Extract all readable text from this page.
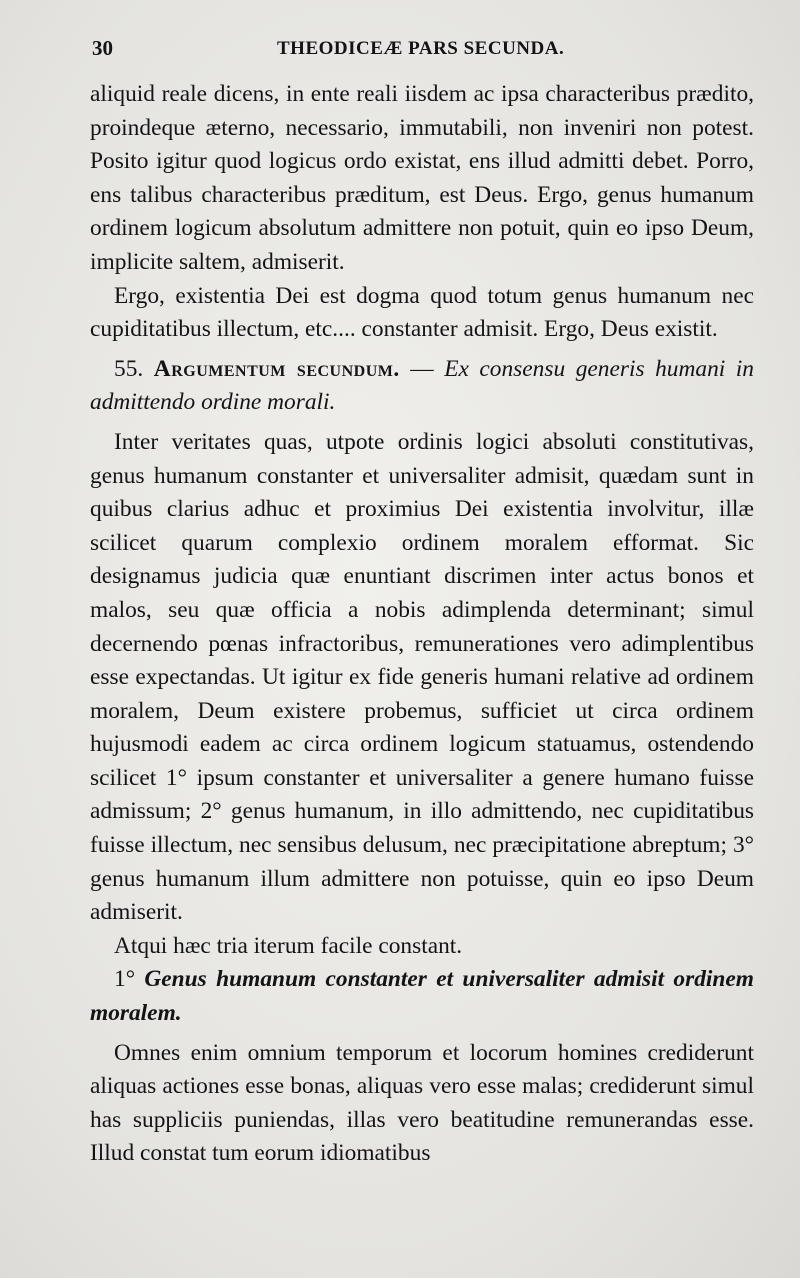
30	THEODICEÆ PARS SECUNDA.

aliquid reale dicens, in ente reali iisdem ac ipsa characteribus prædito, proindeque æterno, necessario, immutabili, non inveniri non potest. Posito igitur quod logicus ordo existat, ens illud admitti debet. Porro, ens talibus characteribus præditum, est Deus. Ergo, genus humanum ordinem logicum absolutum admittere non potuit, quin eo ipso Deum, implicite saltem, admiserit.

Ergo, existentia Dei est dogma quod totum genus humanum nec cupiditatibus illectum, etc.... constanter admisit. Ergo, Deus existit.

55. Argumentum secundum. — Ex consensu generis humani in admittendo ordine morali.

Inter veritates quas, utpote ordinis logici absoluti constitutivas, genus humanum constanter et universaliter admisit, quædam sunt in quibus clarius adhuc et proximius Dei existentia involvitur, illæ scilicet quarum complexio ordinem moralem efformat. Sic designamus judicia quæ enuntiant discrimen inter actus bonos et malos, seu quæ officia a nobis adimplenda determinant; simul decernendo pœnas infractoribus, remunerationes vero adimplentibus esse expectandas. Ut igitur ex fide generis humani relative ad ordinem moralem, Deum existere probemus, sufficiet ut circa ordinem hujusmodi eadem ac circa ordinem logicum statuamus, ostendendo scilicet 1° ipsum constanter et universaliter a genere humano fuisse admissum; 2° genus humanum, in illo admittendo, nec cupiditatibus fuisse illectum, nec sensibus delusum, nec præcipitatione abreptum; 3° genus humanum illum admittere non potuisse, quin eo ipso Deum admiserit.

Atqui hæc tria iterum facile constant.

1° Genus humanum constanter et universaliter admisit ordinem moralem.

Omnes enim omnium temporum et locorum homines crediderunt aliquas actiones esse bonas, aliquas vero esse malas; crediderunt simul has suppliciis puniendas, illas vero beatitudine remunerandas esse. Illud constat tum eorum idiomatibus
